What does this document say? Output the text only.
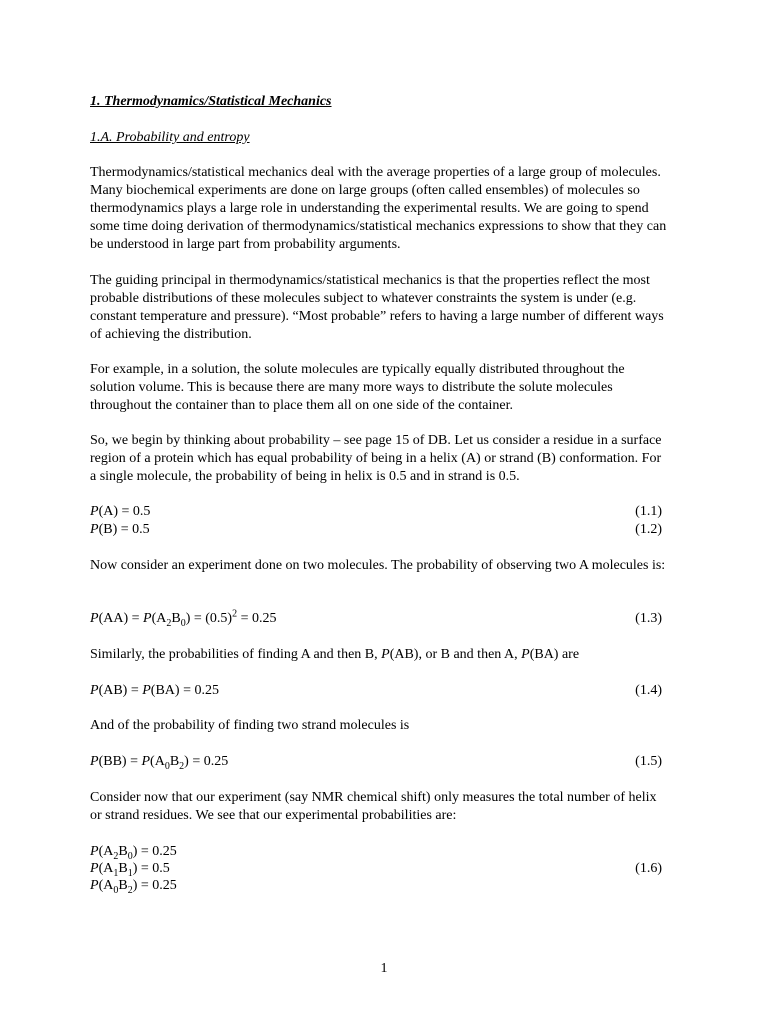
1. Thermodynamics/Statistical Mechanics
1.A. Probability and entropy
Thermodynamics/statistical mechanics deal with the average properties of a large group of molecules. Many biochemical experiments are done on large groups (often called ensembles) of molecules so thermodynamics plays a large role in understanding the experimental results. We are going to spend some time doing derivation of thermodynamics/statistical mechanics expressions to show that they can be understood in large part from probability arguments.
The guiding principal in thermodynamics/statistical mechanics is that the properties reflect the most probable distributions of these molecules subject to whatever constraints the system is under (e.g. constant temperature and pressure). “Most probable” refers to having a large number of different ways of achieving the distribution.
For example, in a solution, the solute molecules are typically equally distributed throughout the solution volume. This is because there are many more ways to distribute the solute molecules throughout the container than to place them all on one side of the container.
So, we begin by thinking about probability – see page 15 of DB. Let us consider a residue in a surface region of a protein which has equal probability of being in a helix (A) or strand (B) conformation. For a single molecule, the probability of being in helix is 0.5 and in strand is 0.5.
P(A) = 0.5	(1.1)
P(B) = 0.5	(1.2)
Now consider an experiment done on two molecules. The probability of observing two A molecules is:
$P(AA) = P(A_2B_0) = (0.5)^2 = 0.25$	(1.3)
Similarly, the probabilities of finding A and then B, P(AB), or B and then A, P(BA) are
P(AB) = P(BA) = 0.25	(1.4)
And of the probability of finding two strand molecules is
$P(BB) = P(A_0B_2) = 0.25$	(1.5)
Consider now that our experiment (say NMR chemical shift) only measures the total number of helix or strand residues. We see that our experimental probabilities are:
$P(A_2B_0) = 0.25$
$P(A_1B_1) = 0.5$
$P(A_0B_2) = 0.25$
(1.6)
1
